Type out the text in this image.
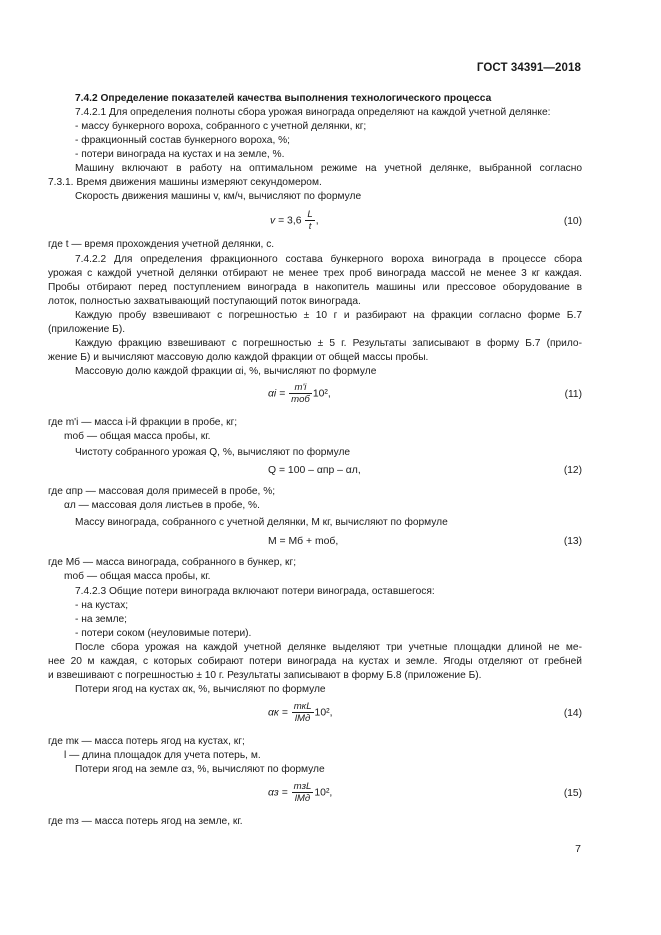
ГОСТ 34391—2018
7.4.2 Определение показателей качества выполнения технологического процесса
7.4.2.1 Для определения полноты сбора урожая винограда определяют на каждой учетной делянке:
- массу бункерного вороха, собранного с учетной делянки, кг;
- фракционный состав бункерного вороха, %;
- потери винограда на кустах и на земле, %.
Машину включают в работу на оптимальном режиме на учетной делянке, выбранной согласно
7.3.1. Время движения машины измеряют секундомером.
Скорость движения машины v, км/ч, вычисляют по формуле
$v = 3,6 \frac{L}{t}$ ,	(10)
где t — время прохождения учетной делянки, с.
7.4.2.2 Для определения фракционного состава бункерного вороха винограда в процессе сбора
урожая с каждой учетной делянки отбирают не менее трех проб винограда массой не менее 3 кг каждая.
Пробы отбирают перед поступлением винограда в накопитель машины или прессовое оборудование в
лоток, полностью захватывающий поступающий поток винограда.
Каждую пробу взвешивают с погрешностью ± 10 г и разбирают на фракции согласно форме Б.7
(приложение Б).
Каждую фракцию взвешивают с погрешностью ± 5 г. Результаты записывают в форму Б.7 (прило-
жение Б) и вычисляют массовую долю каждой фракции от общей массы пробы.
Массовую долю каждой фракции αi, %, вычисляют по формуле
$\alpha i = \frac{m'i}{\text{mоб}} 10^2$,	(11)
где m'i — масса i-й фракции в пробе, кг;
mоб — общая масса пробы, кг.
Чистоту собранного урожая Q, %, вычисляют по формуле
Q = 100 – αпр – αл,	(12)
где αпр — массовая доля примесей в пробе, %;
αл — массовая доля листьев в пробе, %.
Массу винограда, собранного с учетной делянки, M кг, вычисляют по формуле
M = Mб + mоб,	(13)
где Mб — масса винограда, собранного в бункер, кг;
mоб — общая масса пробы, кг.
7.4.2.3 Общие потери винограда включают потери винограда, оставшегося:
- на кустах;
- на земле;
- потери соком (неуловимые потери).
После сбора урожая на каждой учетной делянке выделяют три учетные площадки длиной не ме-
нее 20 м каждая, с которых собирают потери винограда на кустах и земле. Ягоды отделяют от гребней
и взвешивают с погрешностью ± 10 г. Результаты записывают в форму Б.8 (приложение Б).
Потери ягод на кустах αк, %, вычисляют по формуле
$\alpha к = \frac{\text{mкL}}{\text{lMд}} 10^2$,	(14)
где mк — масса потерь ягод на кустах, кг;
l — длина площадок для учета потерь, м.
Потери ягод на земле αз, %, вычисляют по формуле
$\alpha з = \frac{\text{mзL}}{\text{lMд}} 10^2$,	(15)
где mз — масса потерь ягод на земле, кг.
7
